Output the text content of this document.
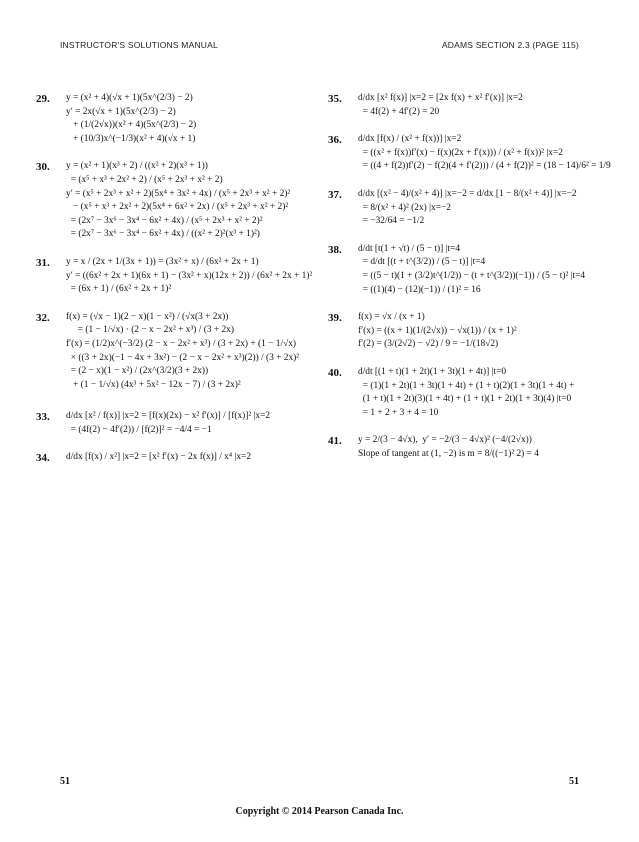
INSTRUCTOR'S SOLUTIONS MANUAL	ADAMS SECTION 2.3 (PAGE 115)
29.	y = (x² + 4)(√x + 1)(5x^(2/3) − 2)
y′ = 2x(√x + 1)(5x^(2/3) − 2)
+ (1/(2√x))(x² + 4)(5x^(2/3) − 2)
+ (10/3)x^(−1/3)(x² + 4)(√x + 1)
30.	y = (x² + 1)(x³ + 2) / ((x² + 2)(x³ + 1))
= (x⁵ + x³ + 2x² + 2) / (x⁵ + 2x³ + x² + 2)
y′ = (x⁵ + 2x³ + x² + 2)(5x⁴ + 3x² + 4x) / (x⁵ + 2x³ + x² + 2)²
− (x⁵ + x³ + 2x² + 2)(5x⁴ + 6x² + 2x) / (x⁵ + 2x³ + x² + 2)²
= (2x⁷ − 3x⁶ − 3x⁴ − 6x² + 4x) / (x⁵ + 2x³ + x² + 2)²
= (2x⁷ − 3x⁶ − 3x⁴ − 6x² + 4x) / ((x² + 2)²(x³ + 1)²)
31.	y = x / (2x + 1/(3x + 1)) = (3x² + x) / (6x² + 2x + 1)
y′ = ((6x² + 2x + 1)(6x + 1) − (3x² + x)(12x + 2)) / (6x² + 2x + 1)²
= (6x + 1) / (6x² + 2x + 1)²
32.	f(x) = (√x − 1)(2 − x)(1 − x²) / (√x(3 + 2x))
= (1 − 1/√x) · (2 − x − 2x² + x³) / (3 + 2x)
f′(x) = (1/2)x^(−3/2) (2 − x − 2x² + x³) / (3 + 2x) + (1 − 1/√x)
× ((3 + 2x)(−1 − 4x + 3x²) − (2 − x − 2x² + x³)(2)) / (3 + 2x)²
= (2 − x)(1 − x²) / (2x^(3/2)(3 + 2x))
+ (1 − 1/√x) (4x³ + 5x² − 12x − 7) / (3 + 2x)²
33.	d/dx [x² / f(x)] |x=2 = [f(x)(2x) − x² f′(x)] / [f(x)]² |x=2
= (4f(2) − 4f′(2)) / [f(2)]² = −4/4 = −1
34.	d/dx [f(x) / x²] |x=2 = [x² f′(x) − 2x f(x)] / x⁴ |x=2
35.	d/dx [x² f(x)] |x=2 = [2x f(x) + x² f′(x)] |x=2
= 4f(2) + 4f′(2) = 20
36.	d/dx [f(x) / (x² + f(x))] |x=2
= ((x² + f(x))f′(x) − f(x)(2x + f′(x))) / (x² + f(x))² |x=2
= ((4 + f(2))f′(2) − f(2)(4 + f′(2))) / (4 + f(2))² = (18 − 14)/6² = 1/9
37.	d/dx [(x² − 4)/(x² + 4)] |x=−2 = d/dx [1 − 8/(x² + 4)] |x=−2
= 8/(x² + 4)² (2x) |x=−2
= −32/64 = −1/2
38.	d/dt [t(1 + √t) / (5 − t)] |t=4
= d/dt [(t + t^(3/2)) / (5 − t)] |t=4
= ((5 − t)(1 + (3/2)t^(1/2)) − (t + t^(3/2))(−1)) / (5 − t)² |t=4
= ((1)(4) − (12)(−1)) / (1)² = 16
39.	f(x) = √x / (x + 1)
f′(x) = ((x + 1)(1/(2√x)) − √x(1)) / (x + 1)²
f′(2) = (3/(2√2) − √2) / 9 = −1/(18√2)
40.	d/dt [(1 + t)(1 + 2t)(1 + 3t)(1 + 4t)] |t=0
= (1)(1 + 2t)(1 + 3t)(1 + 4t) + (1 + t)(2)(1 + 3t)(1 + 4t) +
(1 + t)(1 + 2t)(3)(1 + 4t) + (1 + t)(1 + 2t)(1 + 3t)(4) |t=0
= 1 + 2 + 3 + 4 = 10
41.	y = 2/(3 − 4√x),  y′ = −2/(3 − 4√x)² (−4/(2√x))
Slope of tangent at (1, −2) is m = 8/((−1)² 2) = 4
51	51
Copyright © 2014 Pearson Canada Inc.
